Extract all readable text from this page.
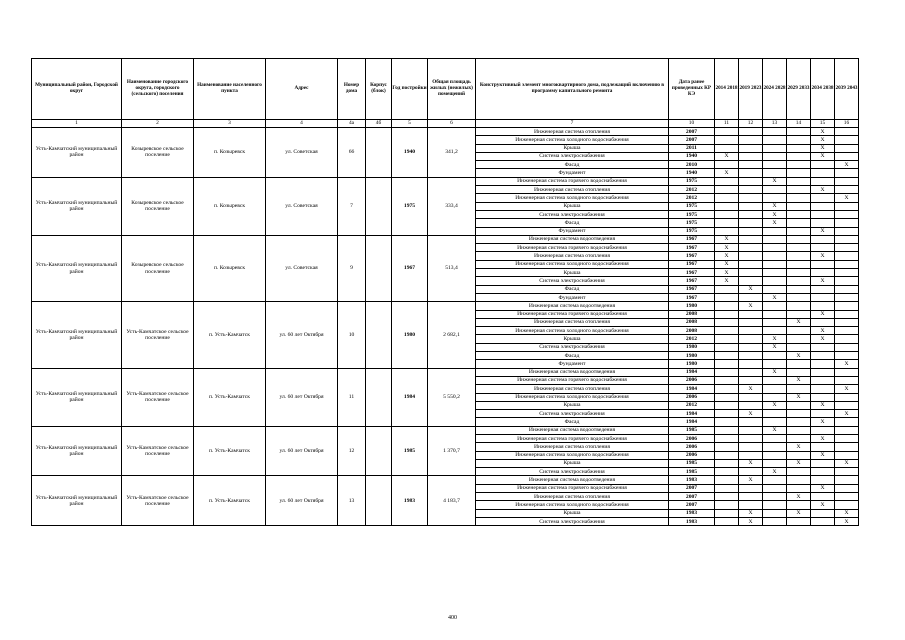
Муниципальный район, Городской округ	Наименование городского округа, городского (сельского) поселения	Наименование населенного пункта	Адрес	Номер дома	Корпус (блок)	Год постройки	Общая площадь жилых (нежилых) помещений	Конструктивный элемент многоквартирного дома, подлежащий включению в программу капитального ремонта	Дата ранее проведенных КР КЭ	2014 2018	2019 2023	2024 2028	2029 2033	2034 2038	2039 2043
1	2	3	4	4а	4б	5	6	7	10	11	12	13	14	15	16
Усть-Камчатский муниципальный район	Козыревское сельское поселение	п. Козыревск	ул. Советская	66		1940	341,2	Инженерная система отопления	2007					X	
								Инженерная система холодного водоснабжения	2007					X	
								Крыша	2011					X	
								Система электроснабжения	1940	X				X	
								Фасад	2010						X
								Фундамент	1940	X					
Усть-Камчатский муниципальный район	Козыревское сельское поселение	п. Козыревск	ул. Советская	7		1975	333,4	Инженерная система горячего водоснабжения	1975			X			
								Инженерная система отопления	2012					X	
								Инженерная система холодного водоснабжения	2012						X
								Крыша	1975			X			
								Система электроснабжения	1975			X			
								Фасад	1975			X			
								Фундамент	1975					X	
Усть-Камчатский муниципальный район	Козыревское сельское поселение	п. Козыревск	ул. Советская	9		1967	513,4	Инженерная система водоотведения	1967	X					
								Инженерная система горячего водоснабжения	1967	X					
								Инженерная система отопления	1967	X				X	
								Инженерная система холодного водоснабжения	1967	X					
								Крыша	1967	X					
								Система электроснабжения	1967	X				X	
								Фасад	1967		X				
								Фундамент	1967			X			
Усть-Камчатский муниципальный район	Усть-Камчатское сельское поселение	п. Усть-Камчатск	ул. 60 лет Октября	10		1980	2 682,1	Инженерная система водоотведения	1980		X				
								Инженерная система горячего водоснабжения	2008					X	
								Инженерная система отопления	2008				X		
								Инженерная система холодного водоснабжения	2008					X	
								Крыша	2012			X		X	
								Система электроснабжения	1980			X			
								Фасад	1980				X		
								Фундамент	1980						X
Усть-Камчатский муниципальный район	Усть-Камчатское сельское поселение	п. Усть-Камчатск	ул. 60 лет Октября	11		1984	5 550,2	Инженерная система водоотведения	1984			X			
								Инженерная система горячего водоснабжения	2006				X		
								Инженерная система отопления	1984		X				X
								Инженерная система холодного водоснабжения	2006				X		
								Крыша	2012			X		X	
								Система электроснабжения	1984		X				X
								Фасад	1984					X	
Усть-Камчатский муниципальный район	Усть-Камчатское сельское поселение	п. Усть-Камчатск	ул. 60 лет Октября	12		1985	1 370,7	Инженерная система водоотведения	1985			X			
								Инженерная система горячего водоснабжения	2006					X	
								Инженерная система отопления	2006				X		
								Инженерная система холодного водоснабжения	2006					X	
								Крыша	1985		X		X		X
								Система электроснабжения	1985			X			
Усть-Камчатский муниципальный район	Усть-Камчатское сельское поселение	п. Усть-Камчатск	ул. 60 лет Октября	13		1983	4 183,7	Инженерная система водоотведения	1983		X				
								Инженерная система горячего водоснабжения	2007					X	
								Инженерная система отопления	2007				X		
								Инженерная система холодного водоснабжения	2007					X	
								Крыша	1983		X		X		X
								Система электроснабжения	1983		X				X
400
